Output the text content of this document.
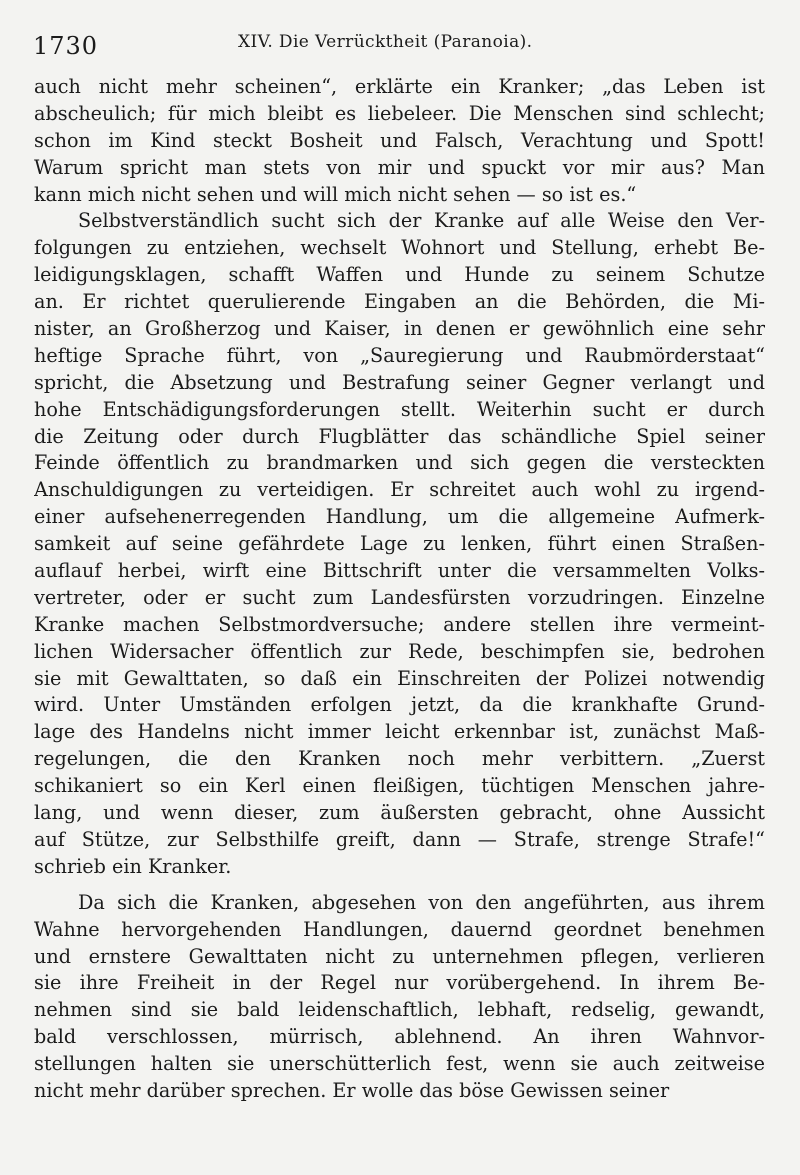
1730	XIV. Die Verrücktheit (Paranoia).
auch nicht mehr scheinen“, erklärte ein Kranker; „das Leben ist
abscheulich; für mich bleibt es liebeleer. Die Menschen sind schlecht;
schon im Kind steckt Bosheit und Falsch, Verachtung und Spott!
Warum spricht man stets von mir und spuckt vor mir aus? Man
kann mich nicht sehen und will mich nicht sehen — so ist es.“
Selbstverständlich sucht sich der Kranke auf alle Weise den Ver-
folgungen zu entziehen, wechselt Wohnort und Stellung, erhebt Be-
leidigungsklagen, schafft Waffen und Hunde zu seinem Schutze
an. Er richtet querulierende Eingaben an die Behörden, die Mi-
nister, an Großherzog und Kaiser, in denen er gewöhnlich eine sehr
heftige Sprache führt, von „Sauregierung und Raubmörderstaat“
spricht, die Absetzung und Bestrafung seiner Gegner verlangt und
hohe Entschädigungsforderungen stellt. Weiterhin sucht er durch
die Zeitung oder durch Flugblätter das schändliche Spiel seiner
Feinde öffentlich zu brandmarken und sich gegen die versteckten
Anschuldigungen zu verteidigen. Er schreitet auch wohl zu irgend-
einer aufsehenerregenden Handlung, um die allgemeine Aufmerk-
samkeit auf seine gefährdete Lage zu lenken, führt einen Straßen-
auflauf herbei, wirft eine Bittschrift unter die versammelten Volks-
vertreter, oder er sucht zum Landesfürsten vorzudringen. Einzelne
Kranke machen Selbstmordversuche; andere stellen ihre vermeint-
lichen Widersacher öffentlich zur Rede, beschimpfen sie, bedrohen
sie mit Gewalttaten, so daß ein Einschreiten der Polizei notwendig
wird. Unter Umständen erfolgen jetzt, da die krankhafte Grund-
lage des Handelns nicht immer leicht erkennbar ist, zunächst Maß-
regelungen, die den Kranken noch mehr verbittern. „Zuerst
schikaniert so ein Kerl einen fleißigen, tüchtigen Menschen jahre-
lang, und wenn dieser, zum äußersten gebracht, ohne Aussicht
auf Stütze, zur Selbsthilfe greift, dann — Strafe, strenge Strafe!“
schrieb ein Kranker.
Da sich die Kranken, abgesehen von den angeführten, aus ihrem
Wahne hervorgehenden Handlungen, dauernd geordnet benehmen
und ernstere Gewalttaten nicht zu unternehmen pflegen, verlieren
sie ihre Freiheit in der Regel nur vorübergehend. In ihrem Be-
nehmen sind sie bald leidenschaftlich, lebhaft, redselig, gewandt,
bald verschlossen, mürrisch, ablehnend. An ihren Wahnvor-
stellungen halten sie unerschütterlich fest, wenn sie auch zeitweise
nicht mehr darüber sprechen. Er wolle das böse Gewissen seiner
